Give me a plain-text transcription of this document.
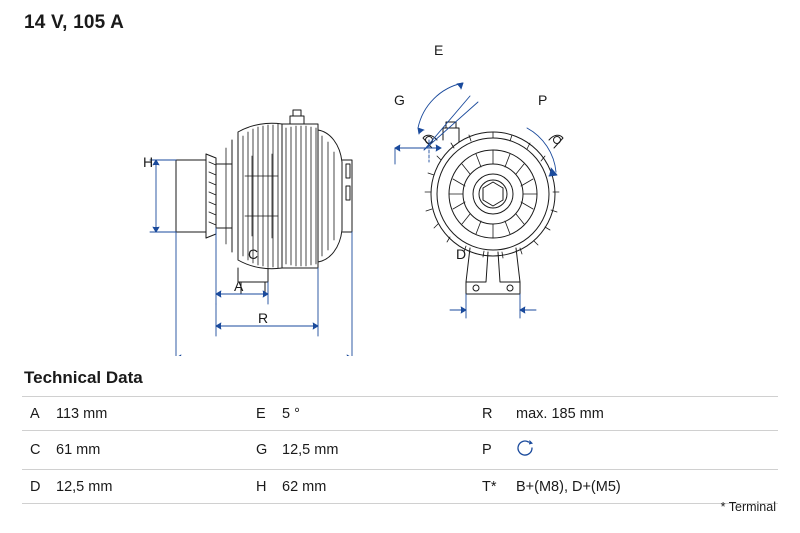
14 V, 105 A
H
C
A
R
E
G	P
D
Technical Data
A	113 mm	E	5 °	R	max. 185 mm
C	61 mm	G	12,5 mm	P	
D	12,5 mm	H	62 mm	T*	B+(M8), D+(M5)
* Terminal
